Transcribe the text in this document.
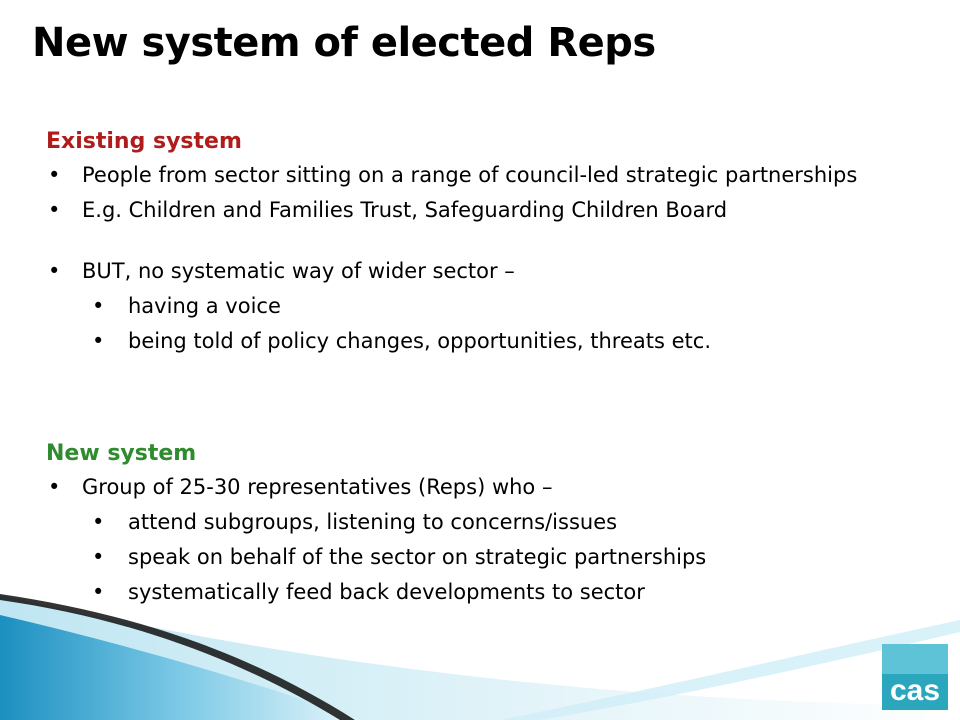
New system of elected Reps
Existing system
• People from sector sitting on a range of council-led strategic partnerships
• E.g. Children and Families Trust, Safeguarding Children Board
• BUT, no systematic way of wider sector –
• having a voice
• being told of policy changes, opportunities, threats etc.
New system
• Group of 25-30 representatives (Reps) who –
• attend subgroups, listening to concerns/issues
• speak on behalf of the sector on strategic partnerships
• systematically feed back developments to sector
cas
